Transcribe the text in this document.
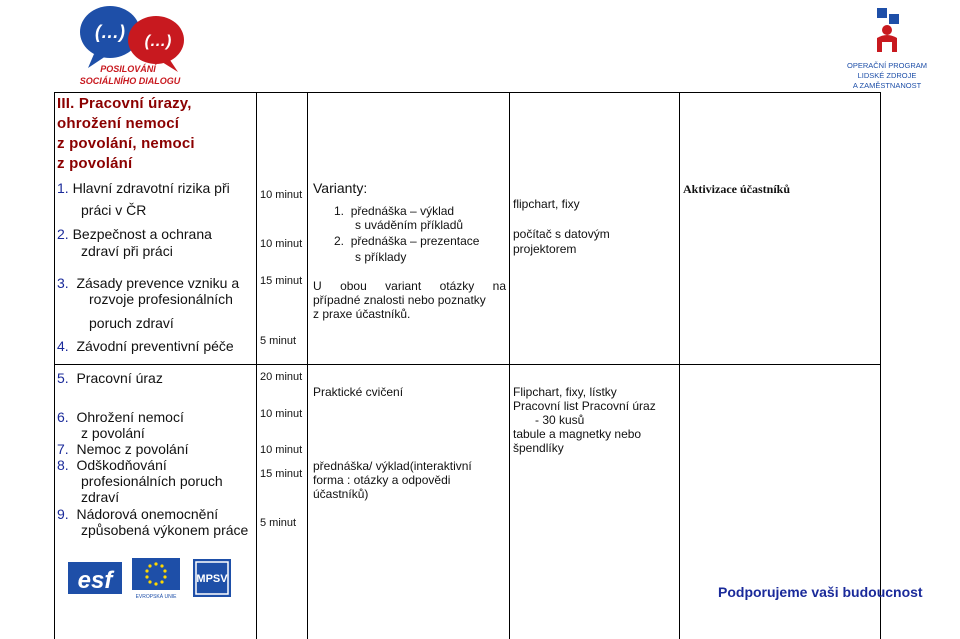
(…) (…)
POSILOVÁNÍ
SOCIÁLNÍHO DIALOGU
OPERAČNÍ PROGRAM
LIDSKÉ ZDROJE
A ZAMĚSTNANOST
III. Pracovní úrazy,
ohrožení nemocí
z povolání, nemoci
z povolání
1. Hlavní zdravotní rizika při
práci v ČR
2. Bezpečnost a ochrana
zdraví při práci
10 minut
10 minut
Varianty:
1. přednáška – výklad
s uváděním příkladů
2. přednáška – prezentace
s příklady
flipchart, fixy
počítač s datovým
projektorem
Aktivizace účastníků
3. Zásady prevence vzniku a
rozvoje profesionálních
poruch zdraví
4. Závodní preventivní péče
15 minut
5 minut
U obou variant otázky na
případné znalosti nebo poznatky
z praxe účastníků.
5. Pracovní úraz
6. Ohrožení nemocí
z povolání
7. Nemoc z povolání
8. Odškodňování
profesionálních poruch
zdraví
9. Nádorová onemocnění
způsobená výkonem práce
20 minut
10 minut
10 minut
15 minut
5 minut
Praktické cvičení
přednáška/ výklad(interaktivní
forma : otázky a odpovědi
účastníků)
Flipchart, fixy, lístky
Pracovní list Pracovní úraz
- 30 kusů
tabule a magnetky nebo
špendlíky
esf
EVROPSKÁ UNIE
MPSV
Podporujeme vaši budoucnost
